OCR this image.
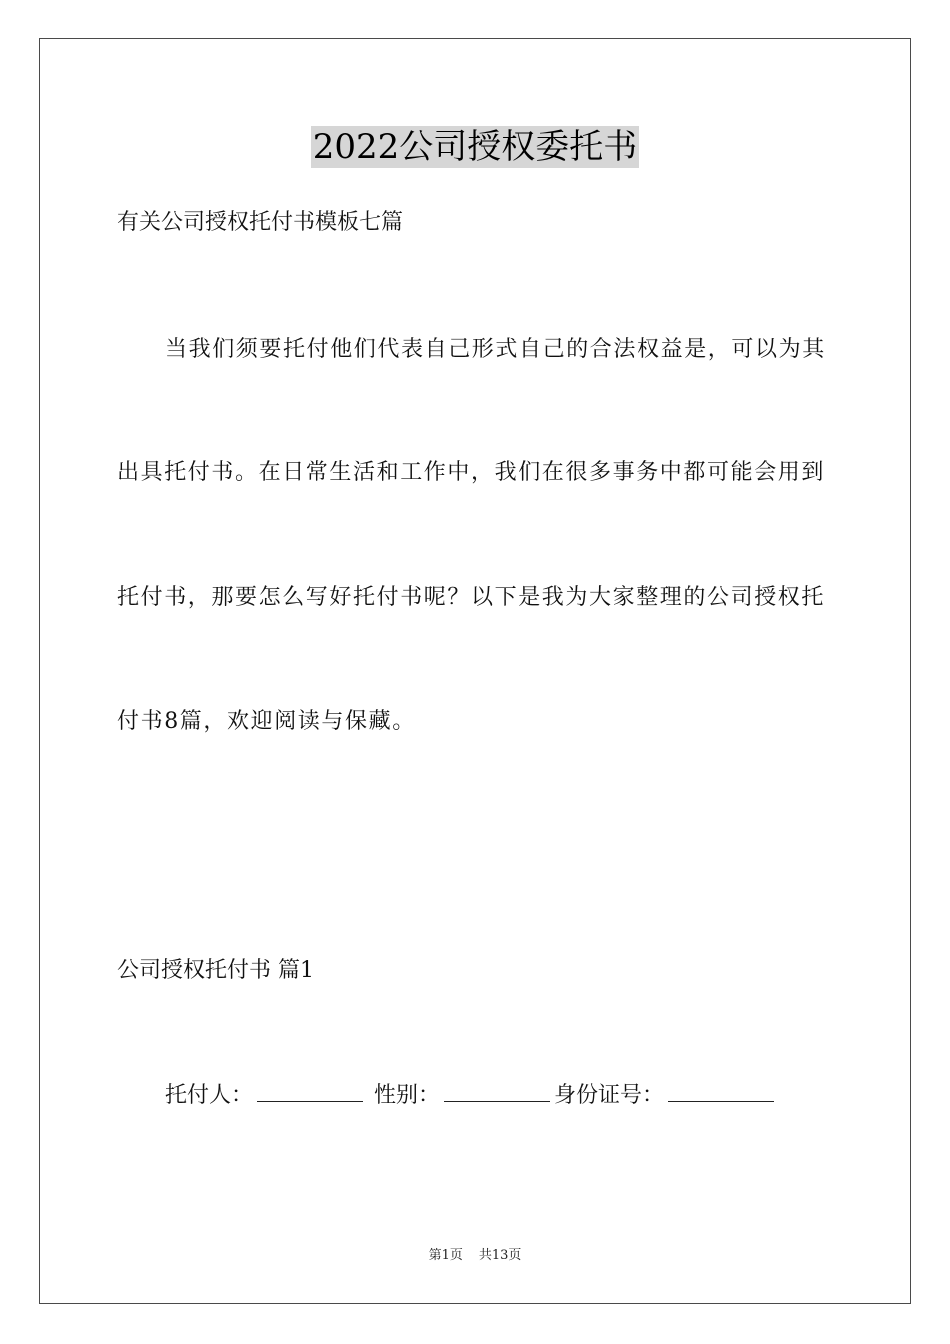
2022公司授权委托书
有关公司授权托付书模板七篇
当我们须要托付他们代表自己形式自己的合法权益是，可以为其
出具托付书。在日常生活和工作中，我们在很多事务中都可能会用到
托付书，那要怎么写好托付书呢？以下是我为大家整理的公司授权托
付书8篇，欢迎阅读与保藏。
公司授权托付书 篇1
托付人：	性别：	身份证号：
第1页 共13页
